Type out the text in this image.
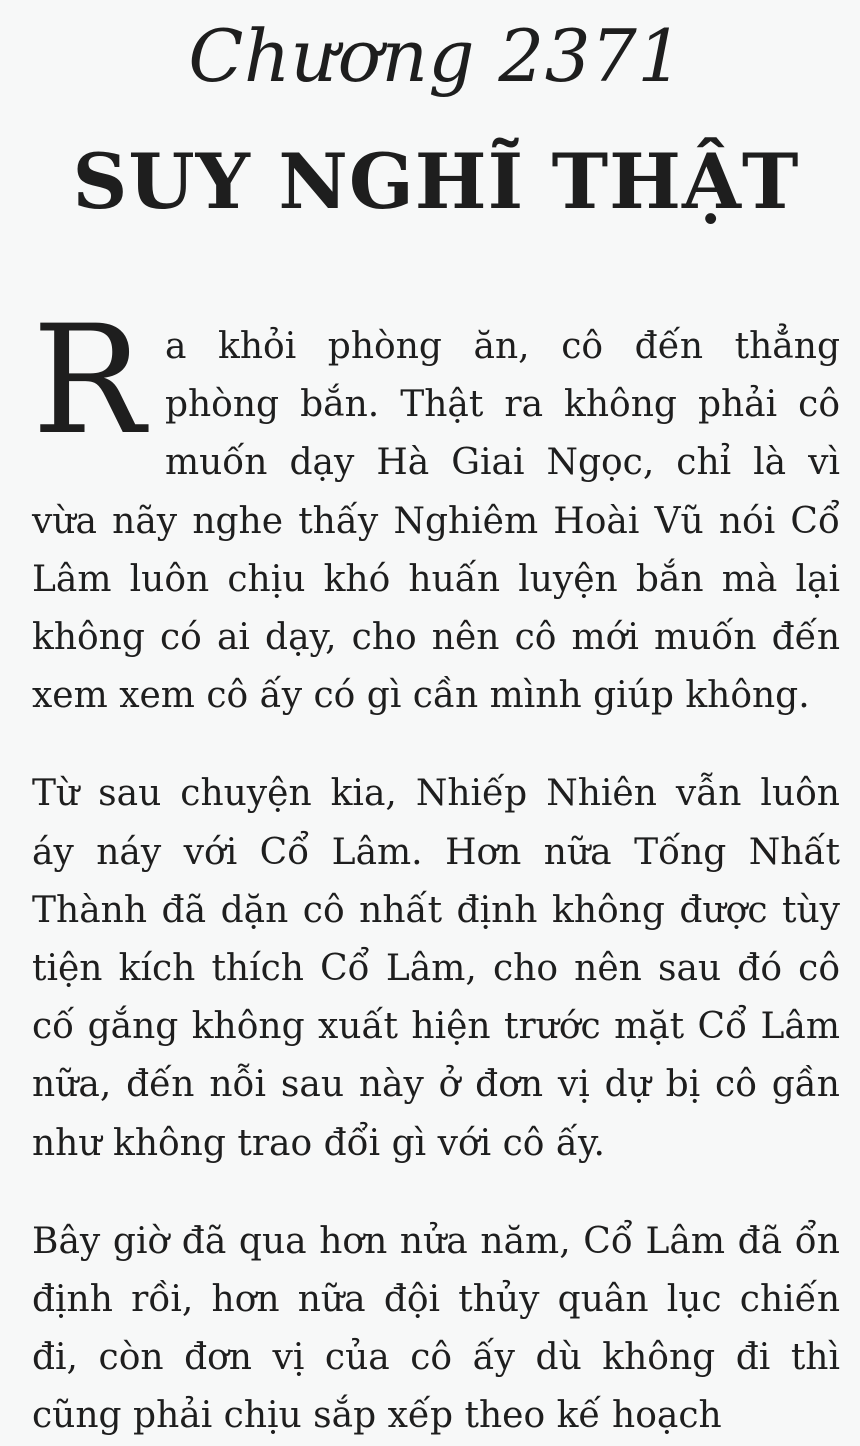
Chương 2371
SUY NGHĨ THẬT

Ra khỏi phòng ăn, cô đến thẳng phòng bắn. Thật ra không phải cô muốn dạy Hà Giai Ngọc, chỉ là vì vừa nãy nghe thấy Nghiêm Hoài Vũ nói Cổ Lâm luôn chịu khó huấn luyện bắn mà lại không có ai dạy, cho nên cô mới muốn đến xem xem cô ấy có gì cần mình giúp không.

Từ sau chuyện kia, Nhiếp Nhiên vẫn luôn áy náy với Cổ Lâm. Hơn nữa Tống Nhất Thành đã dặn cô nhất định không được tùy tiện kích thích Cổ Lâm, cho nên sau đó cô cố gắng không xuất hiện trước mặt Cổ Lâm nữa, đến nỗi sau này ở đơn vị dự bị cô gần như không trao đổi gì với cô ấy.

Bây giờ đã qua hơn nửa năm, Cổ Lâm đã ổn định rồi, hơn nữa đội thủy quân lục chiến đi, còn đơn vị của cô ấy dù không đi thì cũng phải chịu sắp xếp theo kế hoạch
